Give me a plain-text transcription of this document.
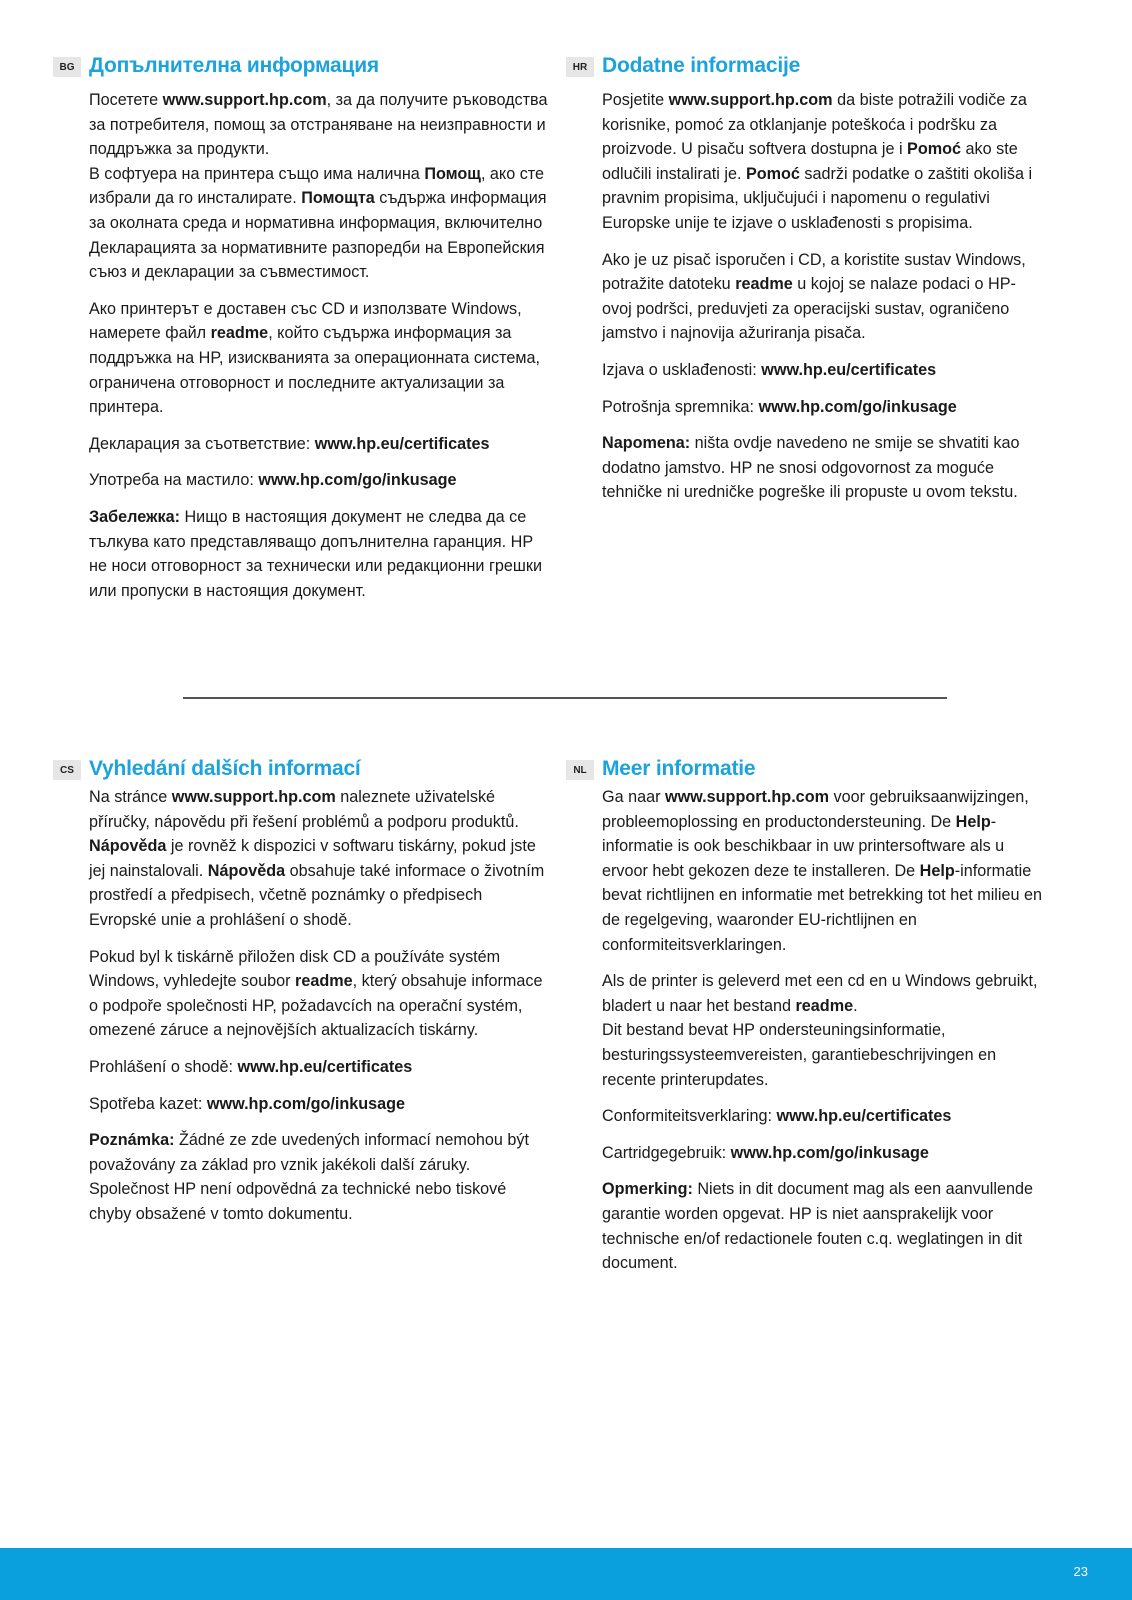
BG Допълнителна информация

Посетете www.support.hp.com, за да получите ръководства за потребителя, помощ за отстраняване на неизправности и поддръжка за продукти.
В софтуера на принтера също има налична Помощ, ако сте избрали да го инсталирате. Помощта съдържа информация за околната среда и нормативна информация, включително Декларацията за нормативните разпоредби на Европейския съюз и декларации за съвместимост.

Ако принтерът е доставен със CD и използвате Windows, намерете файл readme, който съдържа информация за поддръжка на HP, изискванията за операционната система, ограничена отговорност и последните актуализации за принтера.

Декларация за съответствие: www.hp.eu/certificates

Употреба на мастило: www.hp.com/go/inkusage

Забележка: Нищо в настоящия документ не следва да се тълкува като представляващо допълнителна гаранция. HP не носи отговорност за технически или редакционни грешки или пропуски в настоящия документ.

HR Dodatne informacije

Posjetite www.support.hp.com da biste potražili vodiče za korisnike, pomoć za otklanjanje poteškoća i podršku za proizvode. U pisaču softvera dostupna je i Pomoć ako ste odlučili instalirati je. Pomoć sadrži podatke o zaštiti okoliša i pravnim propisima, uključujući i napomenu o regulativi Europske unije te izjave o usklađenosti s propisima.

Ako je uz pisač isporučen i CD, a koristite sustav Windows, potražite datoteku readme u kojoj se nalaze podaci o HP-ovoj podršci, preduvjeti za operacijski sustav, ograničeno jamstvo i najnovija ažuriranja pisača.

Izjava o usklađenosti: www.hp.eu/certificates

Potrošnja spremnika: www.hp.com/go/inkusage

Napomena: ništa ovdje navedeno ne smije se shvatiti kao dodatno jamstvo. HP ne snosi odgovornost za moguće tehničke ni uredničke pogreške ili propuste u ovom tekstu.

CS Vyhledání dalších informací

Na stránce www.support.hp.com naleznete uživatelské příručky, nápovědu při řešení problémů a podporu produktů. Nápověda je rovněž k dispozici v softwaru tiskárny, pokud jste jej nainstalovali. Nápověda obsahuje také informace o životním prostředí a předpisech, včetně poznámky o předpisech Evropské unie a prohlášení o shodě.

Pokud byl k tiskárně přiložen disk CD a používáte systém Windows, vyhledejte soubor readme, který obsahuje informace o podpoře společnosti HP, požadavcích na operační systém, omezené záruce a nejnovějších aktualizacích tiskárny.

Prohlášení o shodě: www.hp.eu/certificates

Spotřeba kazet: www.hp.com/go/inkusage

Poznámka: Žádné ze zde uvedených informací nemohou být považovány za základ pro vznik jakékoli další záruky. Společnost HP není odpovědná za technické nebo tiskové chyby obsažené v tomto dokumentu.

NL Meer informatie

Ga naar www.support.hp.com voor gebruiksaanwijzingen, probleemoplossing en productondersteuning. De Help-informatie is ook beschikbaar in uw printersoftware als u ervoor hebt gekozen deze te installeren. De Help-informatie bevat richtlijnen en informatie met betrekking tot het milieu en de regelgeving, waaronder EU-richtlijnen en conformiteitsverklaringen.

Als de printer is geleverd met een cd en u Windows gebruikt, bladert u naar het bestand readme.
Dit bestand bevat HP ondersteuningsinformatie, besturingssysteemvereisten, garantiebeschrijvingen en recente printerupdates.

Conformiteitsverklaring: www.hp.eu/certificates

Cartridgegebruik: www.hp.com/go/inkusage

Opmerking: Niets in dit document mag als een aanvullende garantie worden opgevat. HP is niet aansprakelijk voor technische en/of redactionele fouten c.q. weglatingen in dit document.

23
